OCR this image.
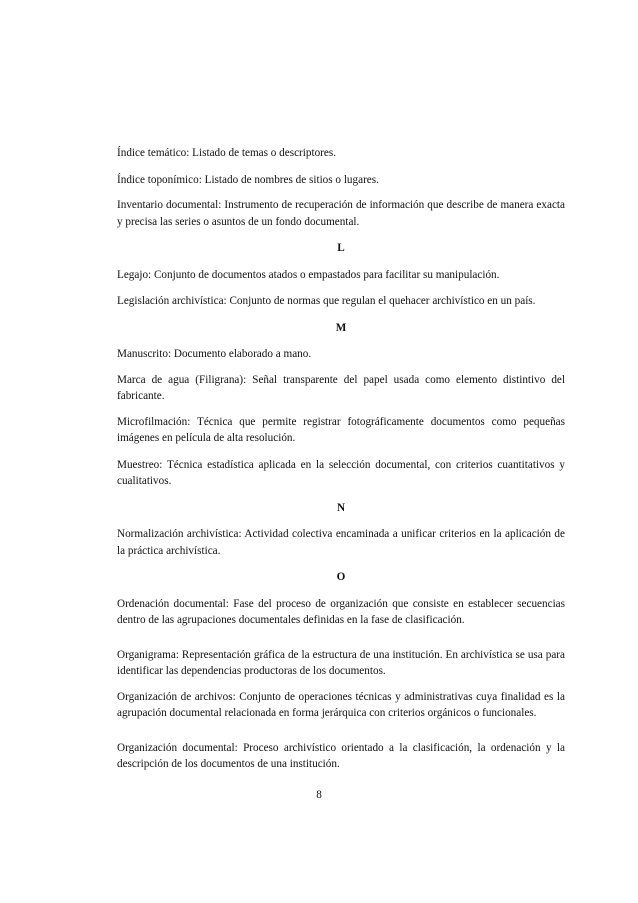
Índice temático: Listado de temas o descriptores.

Índice toponímico: Listado de nombres de sitios o lugares.

Inventario documental: Instrumento de recuperación de información que describe de manera exacta y precisa las series o asuntos de un fondo documental.

L

Legajo: Conjunto de documentos atados o empastados para facilitar su manipulación.

Legislación archivística: Conjunto de normas que regulan el quehacer archivístico en un país.

M

Manuscrito: Documento elaborado a mano.

Marca de agua (Filigrana): Señal transparente del papel usada como elemento distintivo del fabricante.

Microfilmación: Técnica que permite registrar fotográficamente documentos como pequeñas imágenes en película de alta resolución.

Muestreo: Técnica estadística aplicada en la selección documental, con criterios cuantitativos y cualitativos.

N

Normalización archivística: Actividad colectiva encaminada a unificar criterios en la aplicación de la práctica archivística.

O

Ordenación documental: Fase del proceso de organización que consiste en establecer secuencias dentro de las agrupaciones documentales definidas en la fase de clasificación.

Organigrama: Representación gráfica de la estructura de una institución. En archivística se usa para identificar las dependencias productoras de los documentos.

Organización de archivos: Conjunto de operaciones técnicas y administrativas cuya finalidad es la agrupación documental relacionada en forma jerárquica con criterios orgánicos o funcionales.

Organización documental: Proceso archivístico orientado a la clasificación, la ordenación y la descripción de los documentos de una institución.

8
